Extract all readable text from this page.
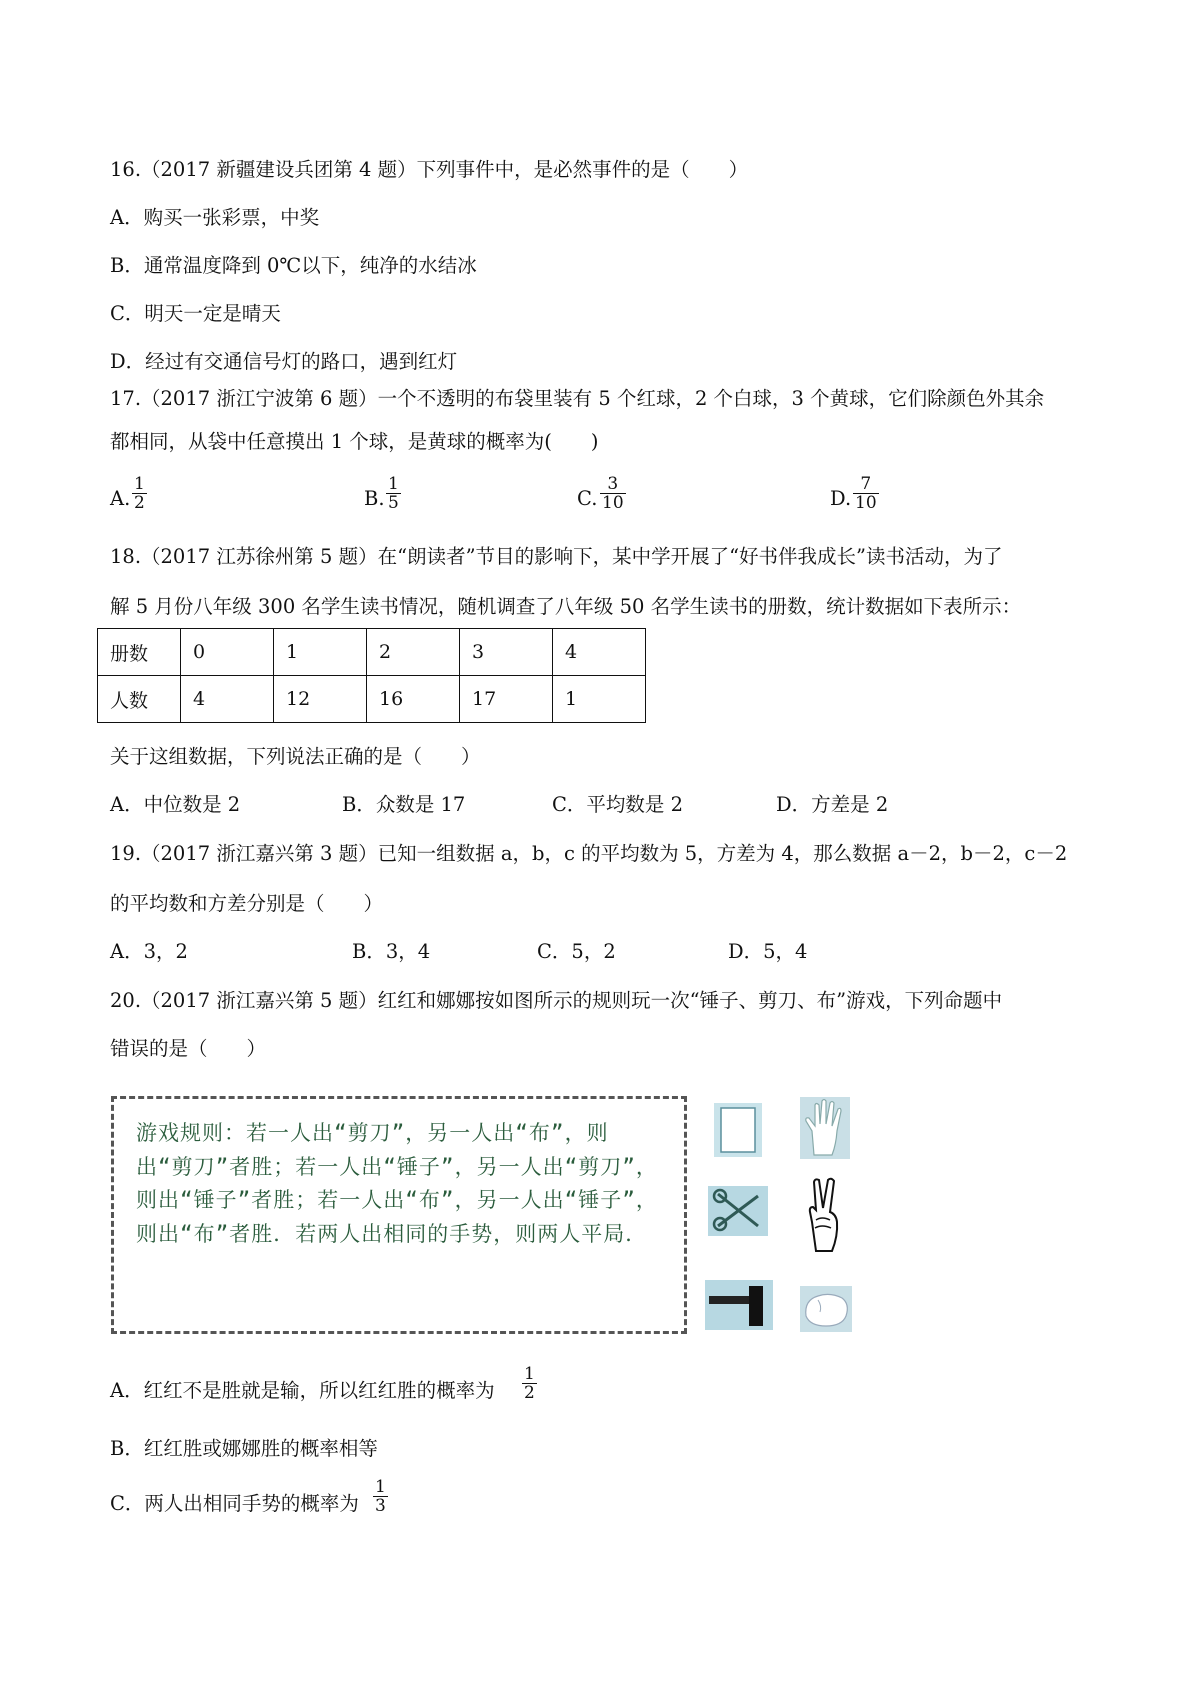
16.（2017 新疆建设兵团第 4 题）下列事件中，是必然事件的是（　　）
A．购买一张彩票，中奖
B．通常温度降到 0℃以下，纯净的水结冰
C．明天一定是晴天
D．经过有交通信号灯的路口，遇到红灯
17.（2017 浙江宁波第 6 题）一个不透明的布袋里装有 5 个红球，2 个白球，3 个黄球，它们除颜色外其余
都相同，从袋中任意摸出 1 个球，是黄球的概率为(　　)
A. $\frac{1}{2}$	B. $\frac{1}{5}$	C. $\frac{3}{10}$	D. $\frac{7}{10}$
18.（2017 江苏徐州第 5 题）在“朗读者”节目的影响下，某中学开展了“好书伴我成长”读书活动，为了
解 5 月份八年级 300 名学生读书情况，随机调查了八年级 50 名学生读书的册数，统计数据如下表所示：
册数	0	1	2	3	4
人数	4	12	16	17	1
关于这组数据，下列说法正确的是（　　）
A．中位数是 2	B．众数是 17	C．平均数是 2	D．方差是 2
19.（2017 浙江嘉兴第 3 题）已知一组数据 a，b，c 的平均数为 5，方差为 4，那么数据 a－2，b－2，c－2
的平均数和方差分别是（　　）
A．3，2	B．3，4	C．5，2	D．5，4
20.（2017 浙江嘉兴第 5 题）红红和娜娜按如图所示的规则玩一次“锤子、剪刀、布”游戏，下列命题中
错误的是（　　）
游戏规则：若一人出“剪刀”，另一人出“布”，则出“剪刀”者胜；若一人出“锤子”，另一人出“剪刀”，则出“锤子”者胜；若一人出“布”，另一人出“锤子”，则出“布”者胜．若两人出相同的手势，则两人平局．
A．红红不是胜就是输，所以红红胜的概率为 $\frac{1}{2}$
B．红红胜或娜娜胜的概率相等
C．两人出相同手势的概率为 $\frac{1}{3}$
